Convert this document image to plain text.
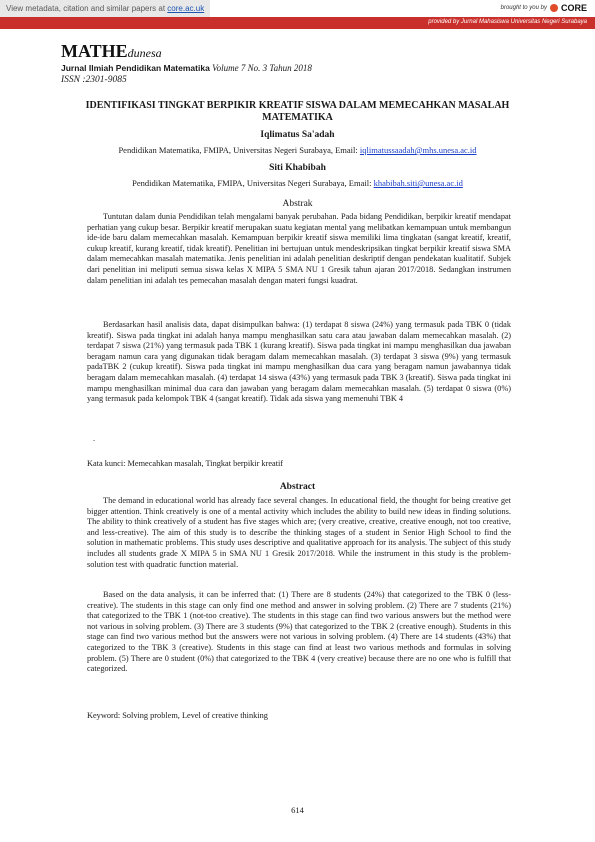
View metadata, citation and similar papers at core.ac.uk	brought to you by CORE
provided by Jurnal Mahasiswa Universitas Negeri Surabaya
MATHEdunesa
Jurnal Ilmiah Pendidikan Matematika Volume 7 No. 3 Tahun 2018
ISSN :2301-9085
IDENTIFIKASI TINGKAT BERPIKIR KREATIF SISWA DALAM MEMECAHKAN MASALAH MATEMATIKA
Iqlimatus Sa'adah
Pendidikan Matematika, FMIPA, Universitas Negeri Surabaya, Email: iqlimatussaadah@mhs.unesa.ac.id
Siti Khabibah
Pendidikan Matematika, FMIPA, Universitas Negeri Surabaya, Email: khabibah.siti@unesa.ac.id
Abstrak
Tuntutan dalam dunia Pendidikan telah mengalami banyak perubahan. Pada bidang Pendidikan, berpikir kreatif mendapat perhatian yang cukup besar. Berpikir kreatif merupakan suatu kegiatan mental yang melibatkan kemampuan untuk membangun ide-ide baru dalam memecahkan masalah. Kemampuan berpikir kreatif siswa memiliki lima tingkatan (sangat kreatif, kreatif, cukup kreatif, kurang kreatif, tidak kreatif). Penelitian ini bertujuan untuk mendeskripsikan tingkat berpikir kreatif siswa SMA dalam memecahkan masalah matematika. Jenis penelitian ini adalah penelitian deskriptif dengan pendekatan kualitatif. Subjek dari penelitian ini meliputi semua siswa kelas X MIPA 5 SMA NU 1 Gresik tahun ajaran 2017/2018. Sedangkan instrumen dalam penelitian ini adalah tes pemecahan masalah dengan materi fungsi kuadrat.
Berdasarkan hasil analisis data, dapat disimpulkan bahwa: (1) terdapat 8 siswa (24%) yang termasuk pada TBK 0 (tidak kreatif). Siswa pada tingkat ini adalah hanya mampu menghasilkan satu cara atau jawaban dalam memecahkan masalah. (2) terdapat 7 siswa (21%) yang termasuk pada TBK 1 (kurang kreatif). Siswa pada tingkat ini mampu menghasilkan dua jawaban beragam namun cara yang digunakan tidak beragam dalam memecahkan masalah. (3) terdapat 3 siswa (9%) yang termasuk padaTBK 2 (cukup kreatif). Siswa pada tingkat ini mampu menghasilkan dua cara yang beragam namun jawabannya tidak beragam dalam memecahkan masalah. (4) terdapat 14 siswa (43%) yang termasuk pada TBK 3 (kreatif). Siswa pada tingkat ini mampu menghasilkan minimal dua cara dan jawaban yang beragam dalam memecahkan masalah. (5) terdapat 0 siswa (0%) yang termasuk pada kelompok TBK 4 (sangat kreatif). Tidak ada siswa yang memenuhi TBK 4
.
Kata kunci: Memecahkan masalah, Tingkat berpikir kreatif
Abstract
The demand in educational world has already face several changes. In educational field, the thought for being creative get bigger attention. Think creatively is one of a mental activity which includes the ability to build new ideas in finding solutions. The ability to think creatively of a student has five stages which are; (very creative, creative, creative enough, not too creative, and less-creative). The aim of this study is to describe the thinking stages of a student in Senior High School to find the solution in mathematic problems. This study uses descriptive and qualitative approach for its analysis. The subject of this study includes all students grade X MIPA 5 in SMA NU 1 Gresik 2017/2018. While the instrument in this study is the problem-solution test with quadratic function material.
Based on the data analysis, it can be inferred that: (1) There are 8 students (24%) that categorized to the TBK 0 (less-creative). The students in this stage can only find one method and answer in solving problem. (2) There are 7 students (21%) that categorized to the TBK 1 (not-too creative). The students in this stage can find two various answers but the method were not various in solving problem. (3) There are 3 students (9%) that categorized to the TBK 2 (creative enough). Students in this stage can find two various method but the answers were not various in solving problem. (4) There are 14 students (43%) that categorized to the TBK 3 (creative). Students in this stage can find at least two various methods and formulas in solving problem. (5) There are 0 student (0%) that categorized to the TBK 4 (very creative) because there are no one who is fulfill that categorized.
Keyword: Solving problem, Level of creative thinking
614
